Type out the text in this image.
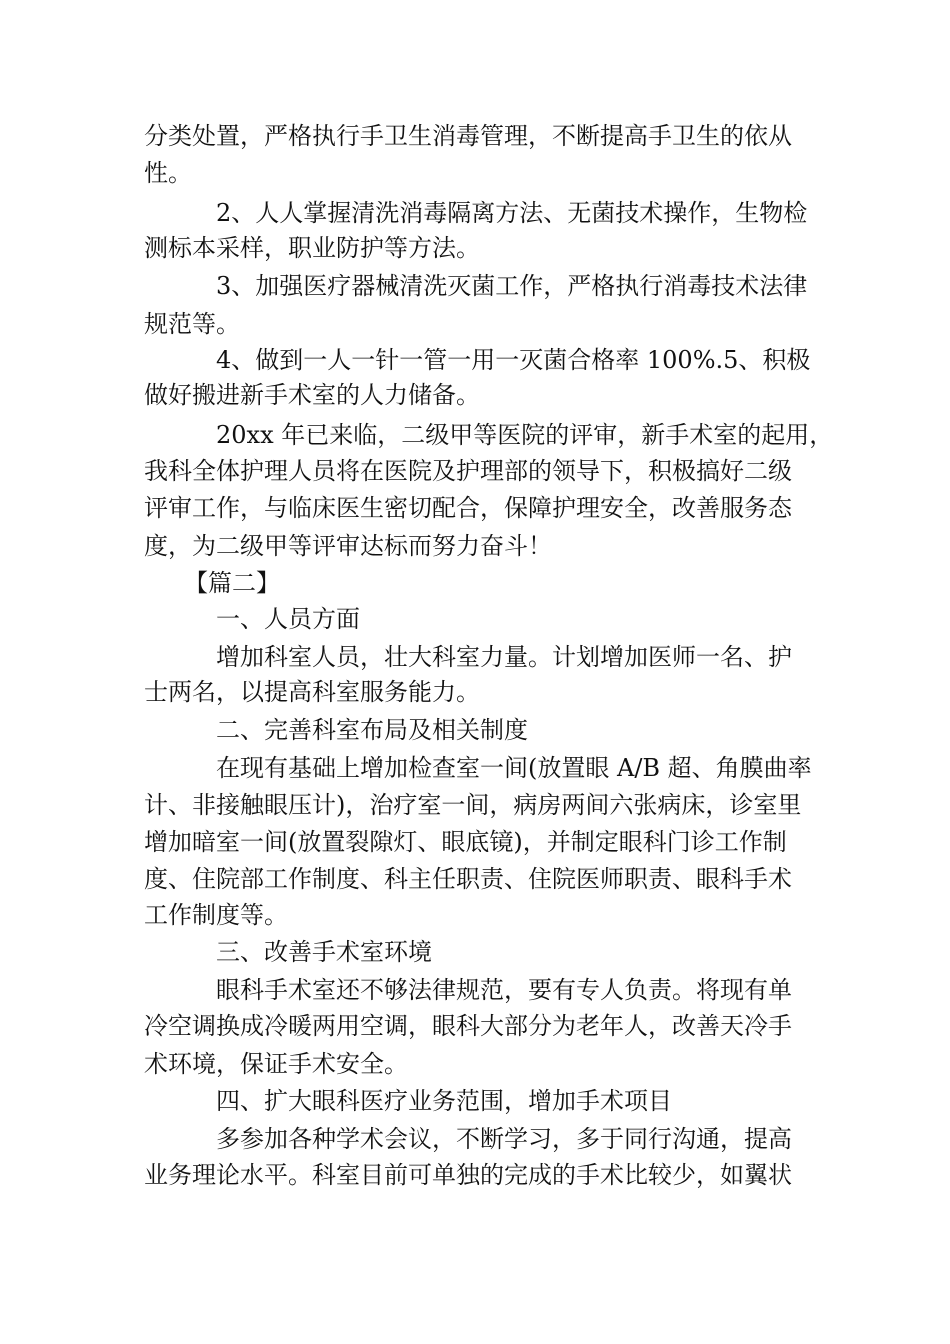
分类处置，严格执行手卫生消毒管理，不断提高手卫生的依从
性。
2、人人掌握清洗消毒隔离方法、无菌技术操作，生物检
测标本采样，职业防护等方法。
3、加强医疗器械清洗灭菌工作，严格执行消毒技术法律
规范等。
4、做到一人一针一管一用一灭菌合格率 100%.5、积极
做好搬进新手术室的人力储备。
20xx 年已来临，二级甲等医院的评审，新手术室的起用，
我科全体护理人员将在医院及护理部的领导下，积极搞好二级
评审工作，与临床医生密切配合，保障护理安全，改善服务态
度，为二级甲等评审达标而努力奋斗！
【篇二】
一、人员方面
增加科室人员，壮大科室力量。计划增加医师一名、护
士两名，以提高科室服务能力。
二、完善科室布局及相关制度
在现有基础上增加检查室一间(放置眼 A/B 超、角膜曲率
计、非接触眼压计)，治疗室一间，病房两间六张病床，诊室里
增加暗室一间(放置裂隙灯、眼底镜)，并制定眼科门诊工作制
度、住院部工作制度、科主任职责、住院医师职责、眼科手术
工作制度等。
三、改善手术室环境
眼科手术室还不够法律规范，要有专人负责。将现有单
冷空调换成冷暖两用空调，眼科大部分为老年人，改善天冷手
术环境，保证手术安全。
四、扩大眼科医疗业务范围，增加手术项目
多参加各种学术会议，不断学习，多于同行沟通，提高
业务理论水平。科室目前可单独的完成的手术比较少，如翼状
